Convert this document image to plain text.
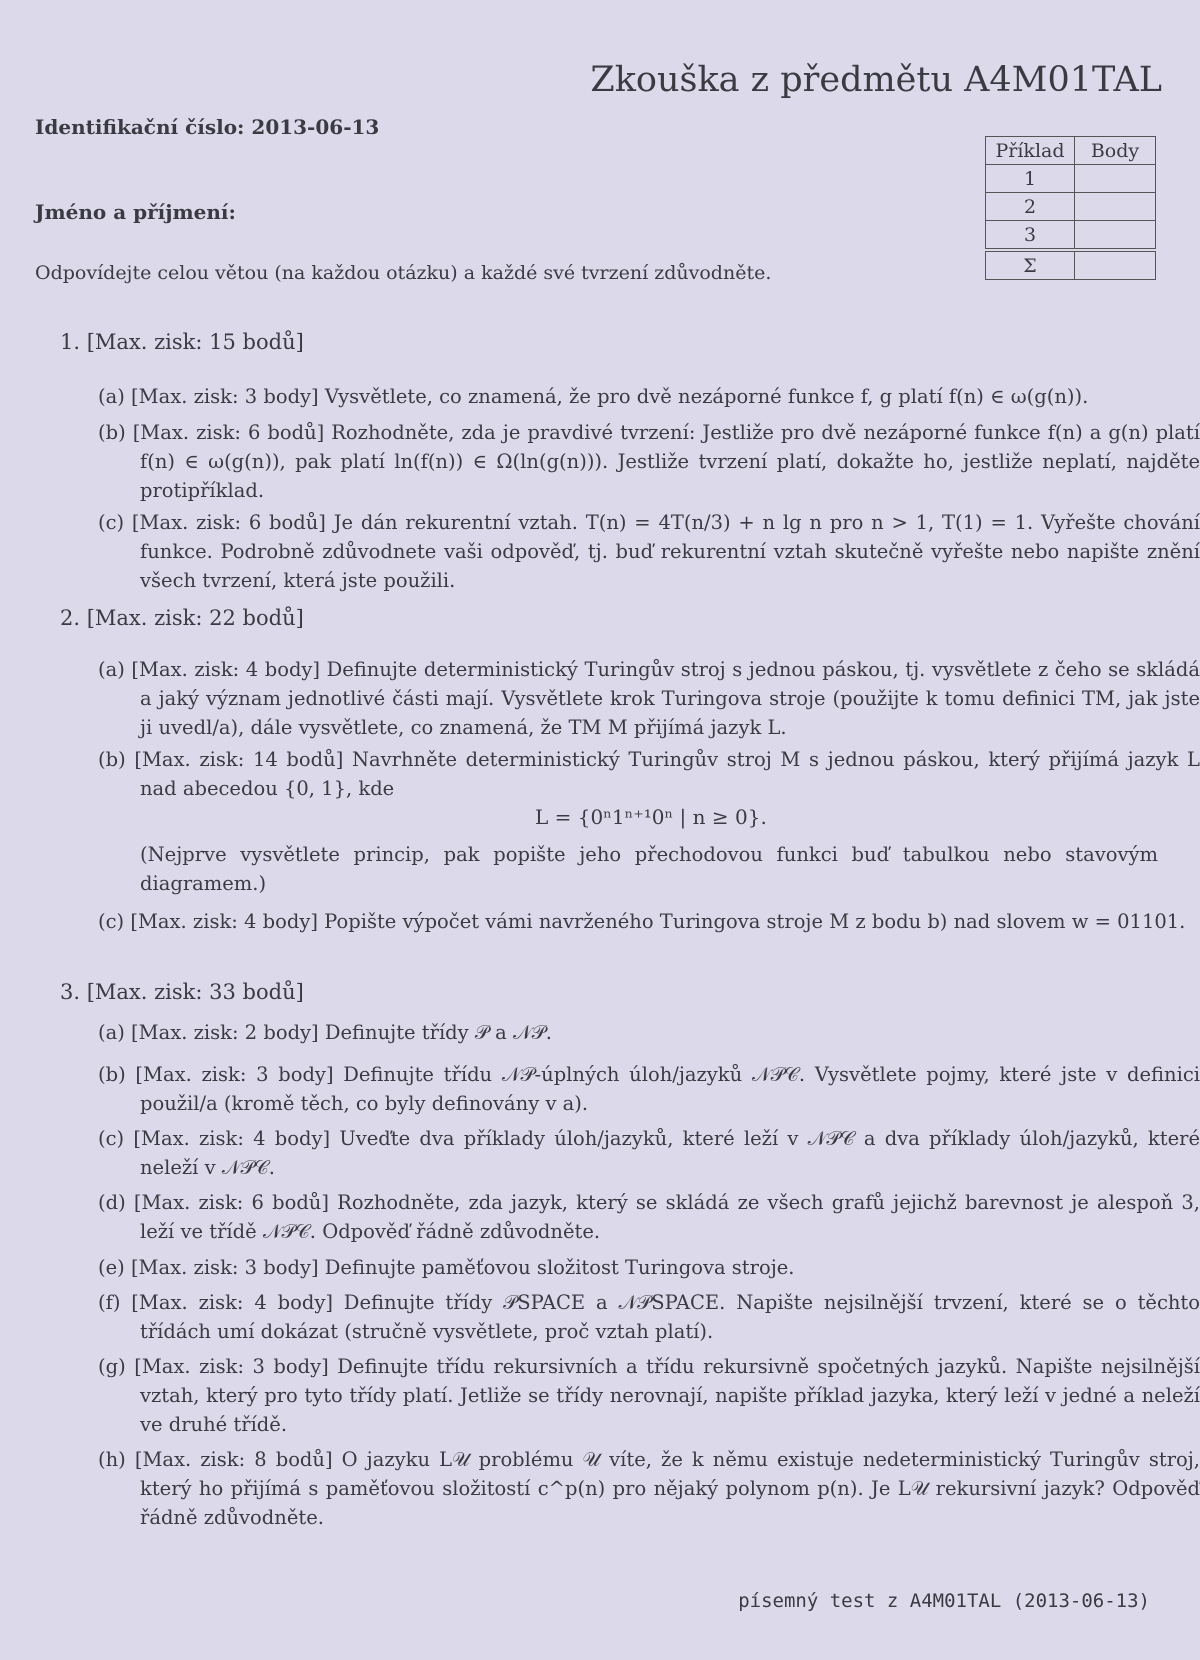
Zkouška z předmětu A4M01TAL
Identifikační číslo: 2013-06-13
Jméno a příjmení:
Odpovídejte celou větou (na každou otázku) a každé své tvrzení zdůvodněte.
Příklad	Body
1	
2	
3	
Σ	
1. [Max. zisk: 15 bodů]
(a) [Max. zisk: 3 body] Vysvětlete, co znamená, že pro dvě nezáporné funkce f, g platí f(n) ∈ ω(g(n)).
(b) [Max. zisk: 6 bodů] Rozhodněte, zda je pravdivé tvrzení: Jestliže pro dvě nezáporné funkce f(n) a g(n) platí f(n) ∈ ω(g(n)), pak platí ln(f(n)) ∈ Ω(ln(g(n))). Jestliže tvrzení platí, dokažte ho, jestliže neplatí, najděte protipříklad.
(c) [Max. zisk: 6 bodů] Je dán rekurentní vztah. T(n) = 4T(n/3) + n lg n pro n > 1, T(1) = 1. Vyřešte chování funkce. Podrobně zdůvodnete vaši odpověď, tj. buď rekurentní vztah skutečně vyřešte nebo napište znění všech tvrzení, která jste použili.
2. [Max. zisk: 22 bodů]
(a) [Max. zisk: 4 body] Definujte deterministický Turingův stroj s jednou páskou, tj. vysvětlete z čeho se skládá a jaký význam jednotlivé části mají. Vysvětlete krok Turingova stroje (použijte k tomu definici TM, jak jste ji uvedl/a), dále vysvětlete, co znamená, že TM M přijímá jazyk L.
(b) [Max. zisk: 14 bodů] Navrhněte deterministický Turingův stroj M s jednou páskou, který přijímá jazyk L nad abecedou {0, 1}, kde
L = {0ⁿ1ⁿ⁺¹0ⁿ | n ≥ 0}.
(Nejprve vysvětlete princip, pak popište jeho přechodovou funkci buď tabulkou nebo stavovým diagramem.)
(c) [Max. zisk: 4 body] Popište výpočet vámi navrženého Turingova stroje M z bodu b) nad slovem w = 01101.
3. [Max. zisk: 33 bodů]
(a) [Max. zisk: 2 body] Definujte třídy 𝒫 a 𝒩𝒫.
(b) [Max. zisk: 3 body] Definujte třídu 𝒩𝒫-úplných úloh/jazyků 𝒩𝒫𝒞. Vysvětlete pojmy, které jste v definici použil/a (kromě těch, co byly definovány v a).
(c) [Max. zisk: 4 body] Uveďte dva příklady úloh/jazyků, které leží v 𝒩𝒫𝒞 a dva příklady úloh/jazyků, které neleží v 𝒩𝒫𝒞.
(d) [Max. zisk: 6 bodů] Rozhodněte, zda jazyk, který se skládá ze všech grafů jejichž barevnost je alespoň 3, leží ve třídě 𝒩𝒫𝒞. Odpověď řádně zdůvodněte.
(e) [Max. zisk: 3 body] Definujte paměťovou složitost Turingova stroje.
(f) [Max. zisk: 4 body] Definujte třídy 𝒫SPACE a 𝒩𝒫SPACE. Napište nejsilnější trvzení, které se o těchto třídách umí dokázat (stručně vysvětlete, proč vztah platí).
(g) [Max. zisk: 3 body] Definujte třídu rekursivních a třídu rekursivně spočetných jazyků. Napište nejsilnější vztah, který pro tyto třídy platí. Jetliže se třídy nerovnají, napište příklad jazyka, který leží v jedné a neleží ve druhé třídě.
(h) [Max. zisk: 8 bodů] O jazyku L𝒰 problému 𝒰 víte, že k němu existuje nedeterministický Turingův stroj, který ho přijímá s paměťovou složitostí c^p(n) pro nějaký polynom p(n). Je L𝒰 rekursivní jazyk? Odpověď řádně zdůvodněte.
písemný test z A4M01TAL (2013-06-13)
